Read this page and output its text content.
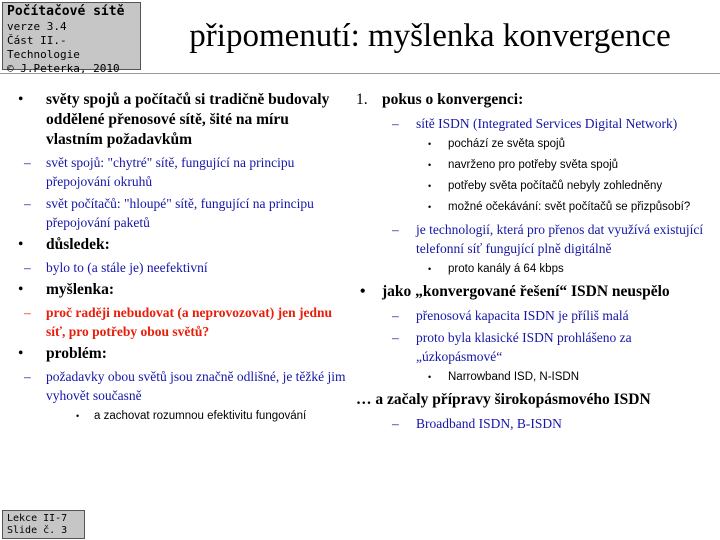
Počítačové sítě
verze 3.4
Část II.-Technologie
© J.Peterka, 2010
připomenutí: myšlenka konvergence
• světy spojů a počítačů si tradičně budovaly oddělené přenosové sítě, šité na míru vlastním požadavkům
– svět spojů: "chytré" sítě, fungující na principu přepojování okruhů
– svět počítačů: "hloupé" sítě, fungující na principu přepojování paketů
• důsledek:
– bylo to (a stále je) neefektivní
• myšlenka:
– proč raději nebudovat (a neprovozovat) jen jednu síť, pro potřeby obou světů?
• problém:
– požadavky obou světů jsou značně odlišné, je těžké jim vyhovět současně
• a zachovat rozumnou efektivitu fungování
1. pokus o konvergenci:
– sítě ISDN (Integrated Services Digital Network)
• pochází ze světa spojů
• navrženo pro potřeby světa spojů
• potřeby světa počítačů nebyly zohledněny
• možné očekávání: svět počítačů se přizpůsobí?
– je technologií, která pro přenos dat využívá existující telefonní síť fungující plně digitálně
• proto kanály á 64 kbps
• jako „konvergované řešení“ ISDN neuspělo
– přenosová kapacita ISDN je příliš malá
– proto byla klasické ISDN prohlášeno za „úzkopásmové“
• Narrowband ISD, N-ISDN
… a začaly přípravy širokopásmového ISDN
– Broadband ISDN, B-ISDN
Lekce II-7
Slide č. 3
